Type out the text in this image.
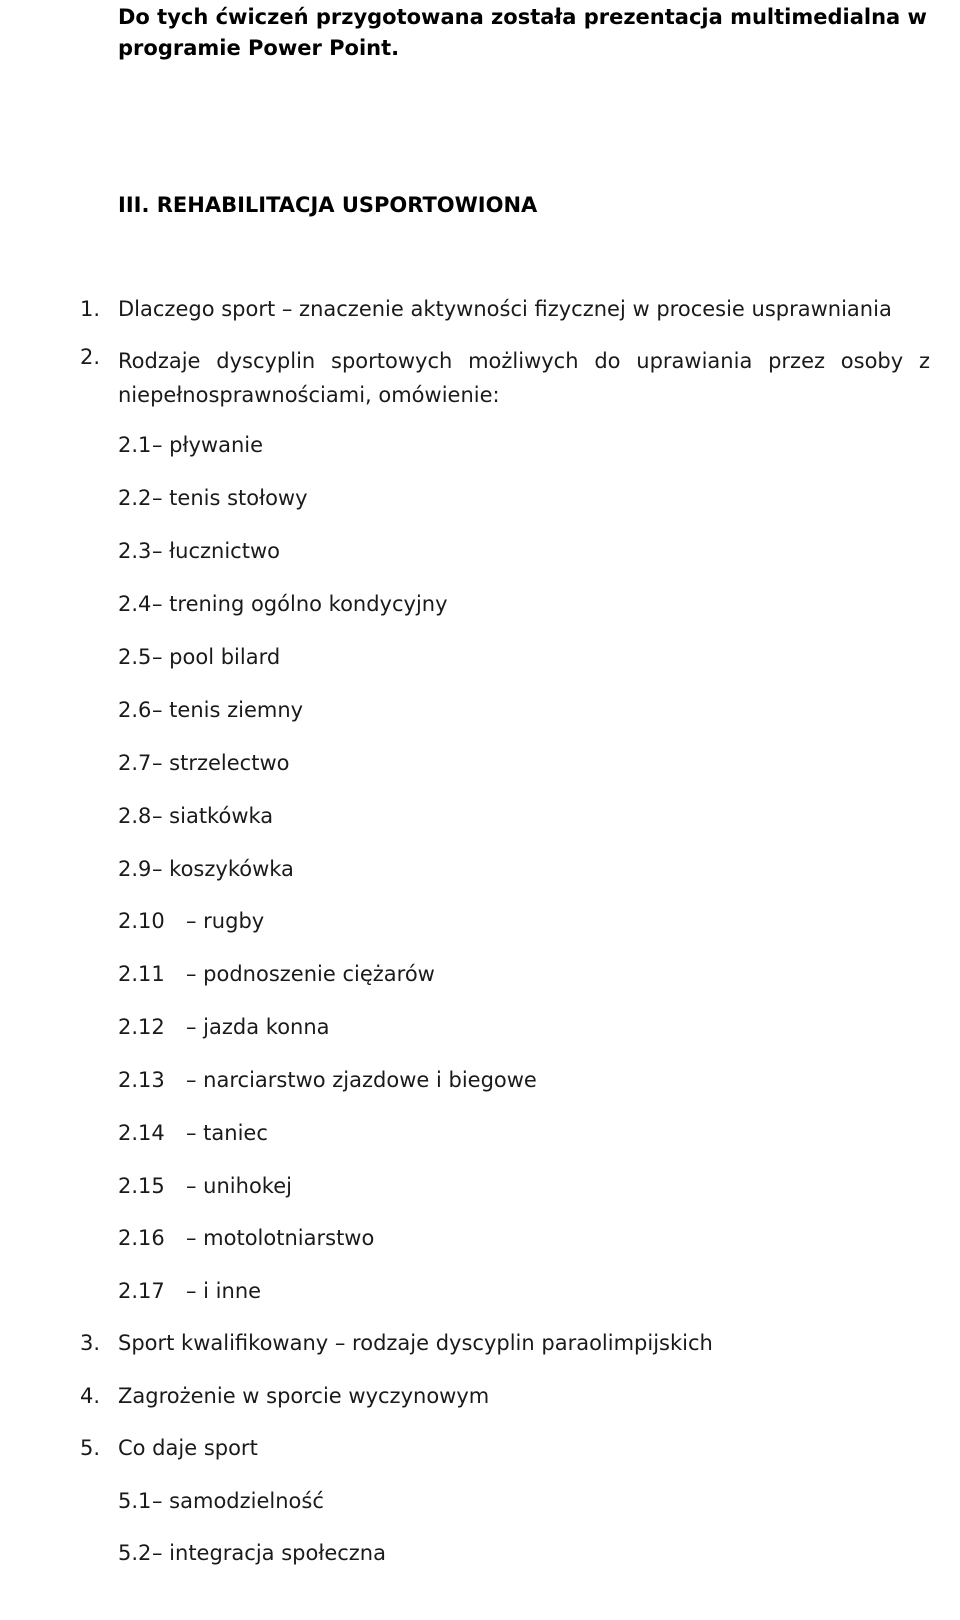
Do tych ćwiczeń przygotowana została prezentacja multimedialna w
programie Power Point.
III. REHABILITACJA USPORTOWIONA
1. Dlaczego sport – znaczenie aktywności fizycznej w procesie usprawniania
2. Rodzaje dyscyplin sportowych możliwych do uprawiania przez osoby z niepełnosprawnościami, omówienie:
2.1 – pływanie
2.2 – tenis stołowy
2.3 – łucznictwo
2.4 – trening ogólno kondycyjny
2.5 – pool bilard
2.6 – tenis ziemny
2.7 – strzelectwo
2.8 – siatkówka
2.9 – koszykówka
2.10 – rugby
2.11 – podnoszenie ciężarów
2.12 – jazda konna
2.13 – narciarstwo zjazdowe i biegowe
2.14 – taniec
2.15 – unihokej
2.16 – motolotniarstwo
2.17 – i inne
3. Sport kwalifikowany – rodzaje dyscyplin paraolimpijskich
4. Zagrożenie w sporcie wyczynowym
5. Co daje sport
5.1 – samodzielność
5.2 – integracja społeczna
